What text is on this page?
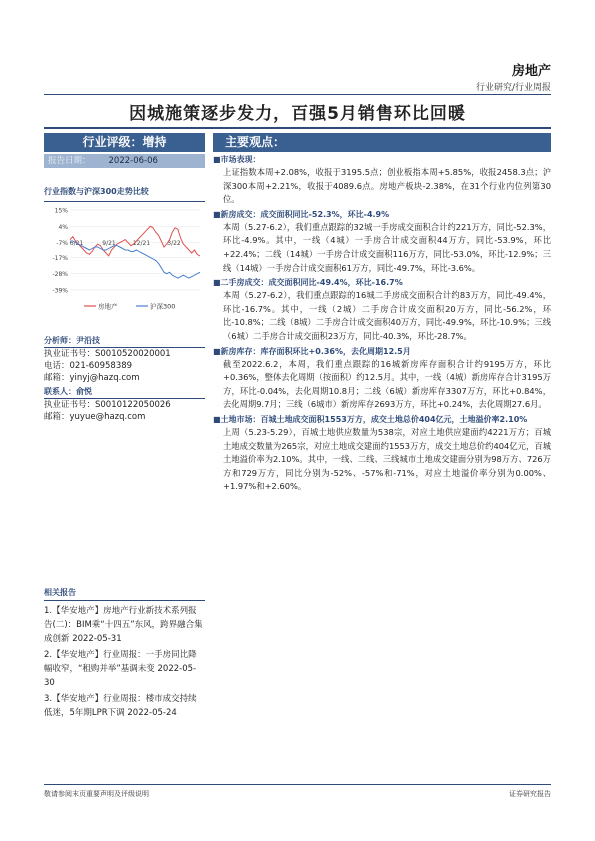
房地产
行业研究/行业周报
因城施策逐步发力，百强5月销售环比回暖
行业评级：增持
报告日期： 2022-06-06
行业指数与沪深300走势比较
15%
4%
-7%
-17%
-28%
-39%
6/21	9/21	12/21	3/22
房地产	沪深300
分析师：尹沿技
执业证书号：S0010520020001
电话：021-60958389
邮箱：yinyj@hazq.com
联系人：俞悦
执业证书号：S0010122050026
邮箱：yuyue@hazq.com
相关报告
1.【华安地产】房地产行业新技术系列报告(二)：BIM乘“十四五”东风，跨界融合集成创新 2022-05-31
2.【华安地产】行业周报：一手房同比降幅收窄，“租购并举”基调未变 2022-05-30
3.【华安地产】行业周报：楼市成交持续低迷，5年期LPR下调 2022-05-24
主要观点：
■市场表现：
上证指数本周+2.08%，收报于3195.5点；创业板指本周+5.85%，收报2458.3点；沪深300本周+2.21%，收报于4089.6点。房地产板块-2.38%，在31个行业内位列第30位。
■新房成交：成交面积同比-52.3%，环比-4.9%
本周（5.27-6.2），我们重点跟踪的32城一手房成交面积合计约221万方，同比-52.3%，环比-4.9%。其中，一线（4城）一手房合计成交面积44万方，同比-53.9%，环比+22.4%；二线（14城）一手房合计成交面积116万方，同比-53.0%，环比-12.9%；三线（14城）一手房合计成交面积61万方，同比-49.7%，环比-3.6%。
■二手房成交：成交面积同比-49.4%，环比-16.7%
本周（5.27-6.2），我们重点跟踪的16城二手房成交面积合计约83万方，同比-49.4%，环比-16.7%。其中，一线（2城）二手房合计成交面积20万方，同比-56.2%，环比-10.8%；二线（8城）二手房合计成交面积40万方，同比-49.9%，环比-10.9%；三线（6城）二手房合计成交面积23万方，同比-40.3%，环比-28.7%。
■新房库存：库存面积环比+0.36%，去化周期12.5月
截至2022.6.2，本周，我们重点跟踪的16城新房库存面积合计约9195万方，环比+0.36%，整体去化周期（按面积）约12.5月。其中，一线（4城）新房库存合计3195万方，环比-0.04%，去化周期10.8月；二线（6城）新房库存3307万方，环比+0.84%，去化周期9.7月；三线（6城市）新房库存2693万方，环比+0.24%，去化周期27.6月。
■土地市场：百城土地成交面积1553万方，成交土地总价404亿元，土地溢价率2.10%
上周（5.23-5.29），百城土地供应数量为538宗，对应土地供应建面约4221万方；百城土地成交数量为265宗，对应土地成交建面约1553万方，成交土地总价约404亿元，百城土地溢价率为2.10%。其中，一线、二线、三线城市土地成交建面分别为98万方、726万方和729万方，同比分别为-52%、-57%和-71%，对应土地溢价率分别为0.00%、+1.97%和+2.60%。
敬请参阅末页重要声明及评级说明	证券研究报告
